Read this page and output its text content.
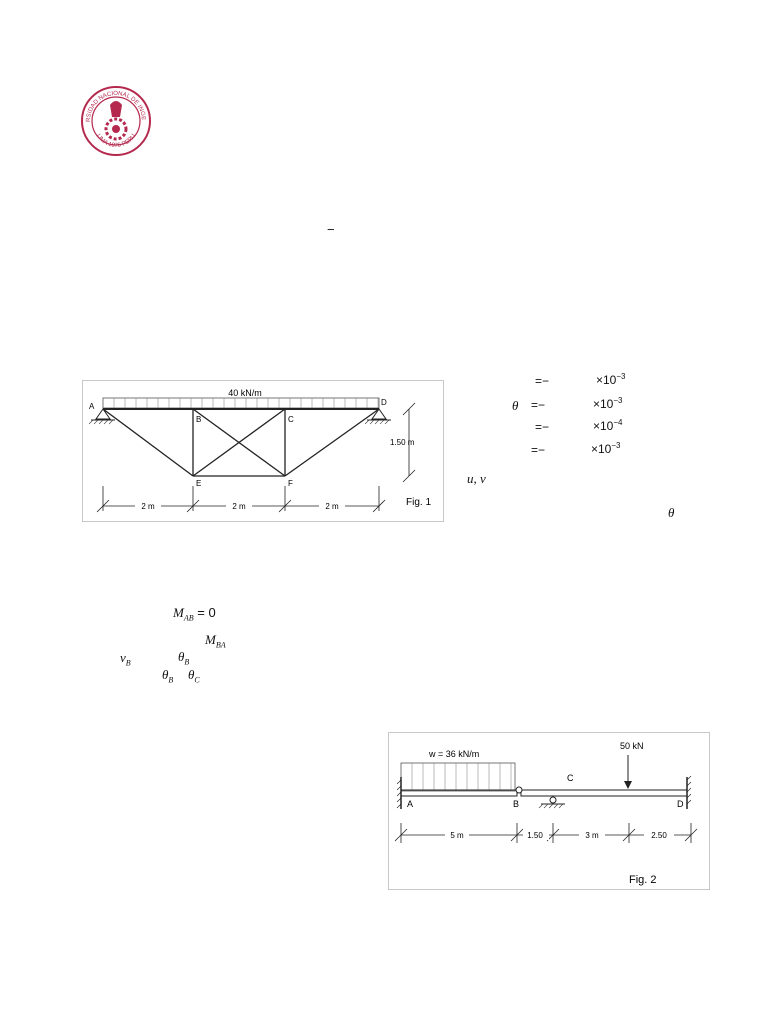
RSIDAD NACIONAL DE INGE
LIMA 1876 PERU
−
40 kN/m
A
B	C
D
E	F
1.50 m
2 m	2 m	2 m	Fig. 1
=−	$\times 10^{-3}$
θ =−	$\times 10^{-3}$
=−	$\times 10^{-4}$
=−	$\times 10^{-3}$
u, v
θ
$M_{AB} = 0$
$M_{BA}$
$v_B$	$\theta_B$
$\theta_B$ $\theta_C$
w = 36 kN/m
50 kN
A	B
C
D
5 m	1.50	3 m	2.50
Fig. 2
